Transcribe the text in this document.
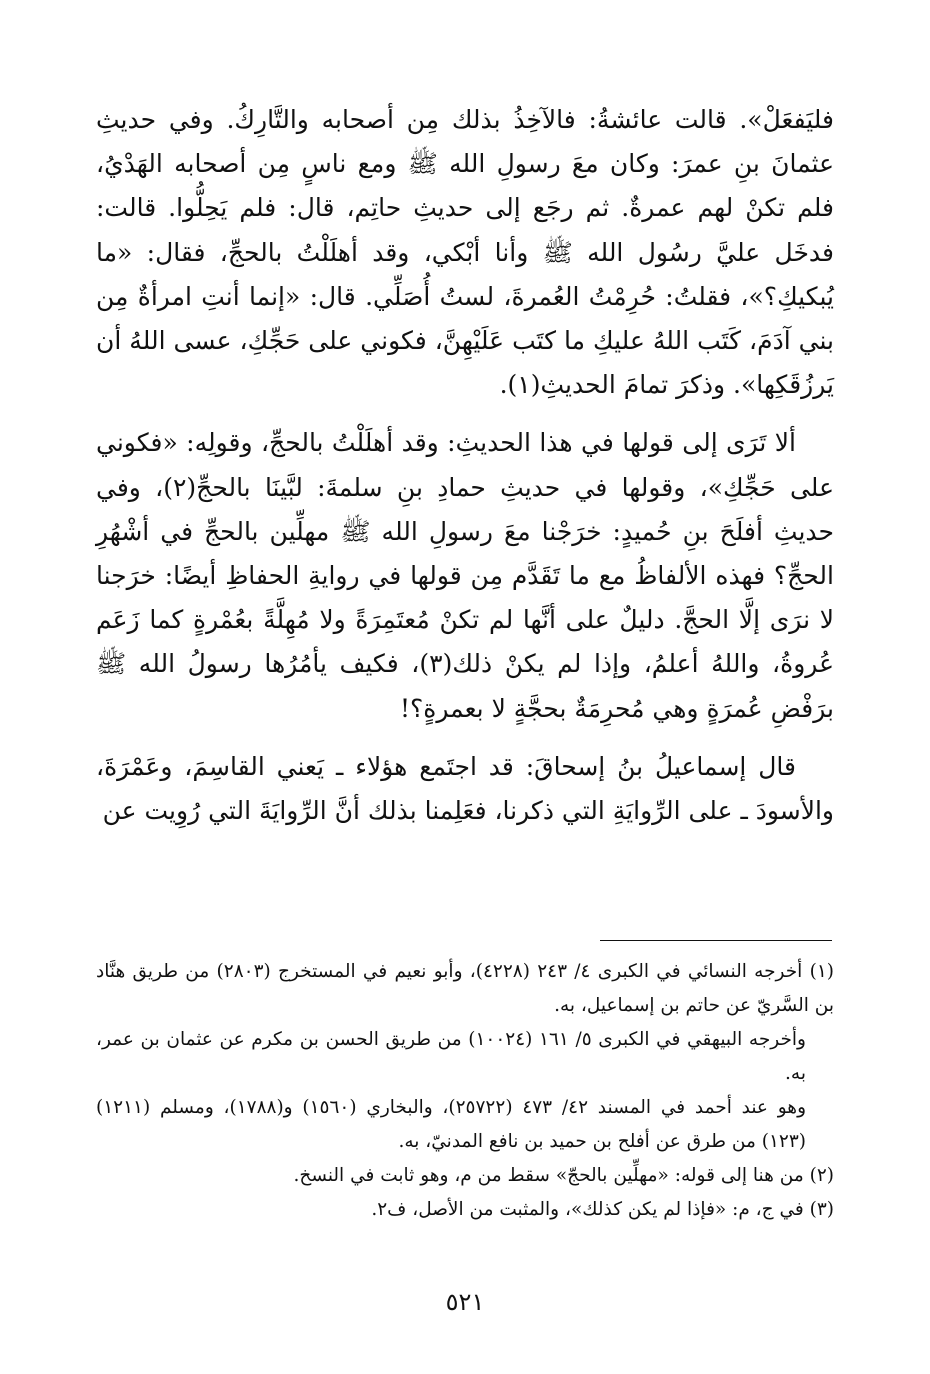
فليَفعَلْ». قالت عائشةُ: فالآخِذُ بذلك مِن أصحابه والتَّارِكُ. وفي حديثِ عثمانَ بنِ عمرَ: وكان معَ رسولِ الله ﷺ ومع ناسٍ مِن أصحابه الهَدْيُ، فلم تكنْ لهم عمرةٌ. ثم رجَع إلى حديثِ حاتِم، قال: فلم يَحِلُّوا. قالت: فدخَل عليَّ رسُول الله ﷺ وأنا أبْكي، وقد أهلَلْتُ بالحجِّ، فقال: «ما يُبكيكِ؟»، فقلتُ: حُرِمْتُ العُمرةَ، لستُ أُصَلِّي. قال: «إنما أنتِ امرأةٌ مِن بني آدَمَ، كَتَب اللهُ عليكِ ما كتَب عَلَيْهِنَّ، فكوني على حَجِّكِ، عسى اللهُ أن يَرزُقَكِها». وذكرَ تمامَ الحديثِ(١).

ألا تَرَى إلى قولها في هذا الحديثِ: وقد أهلَلْتُ بالحجِّ، وقولِه: «فكوني على حَجِّكِ»، وقولها في حديثِ حمادِ بنِ سلمةَ: لبَّينَا بالحجِّ(٢)، وفي حديثِ أفلَحَ بنِ حُميدٍ: خرَجْنا معَ رسولِ الله ﷺ مهلِّين بالحجِّ في أشْهُرِ الحجِّ؟ فهذه الألفاظُ مع ما تَقَدَّم مِن قولها في روايةِ الحفاظِ أيضًا: خرَجنا لا نرَى إلَّا الحجَّ. دليلٌ على أنَّها لم تكنْ مُعتَمِرَةً ولا مُهِلَّةً بعُمْرةٍ كما زَعَم عُروةُ، واللهُ أعلمُ، وإذا لم يكنْ ذلك(٣)، فكيف يأمُرُها رسولُ الله ﷺ برَفْضِ عُمرَةٍ وهي مُحرِمَةٌ بحجَّةٍ لا بعمرةٍ؟!

قال إسماعيلُ بنُ إسحاقَ: قد اجتَمع هؤلاء ـ يَعني القاسِمَ، وعَمْرَةَ، والأسودَ ـ على الرِّوايَةِ التي ذكرنا، فعَلِمنا بذلك أنَّ الرِّوايَةَ التي رُوِيت عن

(١) أخرجه النسائي في الكبرى ٤/ ٢٤٣ (٤٢٢٨)، وأبو نعيم في المستخرج (٢٨٠٣) من طريق هنَّاد بن السَّريّ عن حاتم بن إسماعيل، به.

وأخرجه البيهقي في الكبرى ٥/ ١٦١ (١٠٠٢٤) من طريق الحسن بن مكرم عن عثمان بن عمر، به.

وهو عند أحمد في المسند ٤٢/ ٤٧٣ (٢٥٧٢٢)، والبخاري (١٥٦٠) و(١٧٨٨)، ومسلم (١٢١١) (١٢٣) من طرق عن أفلح بن حميد بن نافع المدنيّ، به.

(٢) من هنا إلى قوله: «مهلِّين بالحجّ» سقط من م، وهو ثابت في النسخ.

(٣) في ج، م: «فإذا لم يكن كذلك»، والمثبت من الأصل، ف٢.

٥٢١
